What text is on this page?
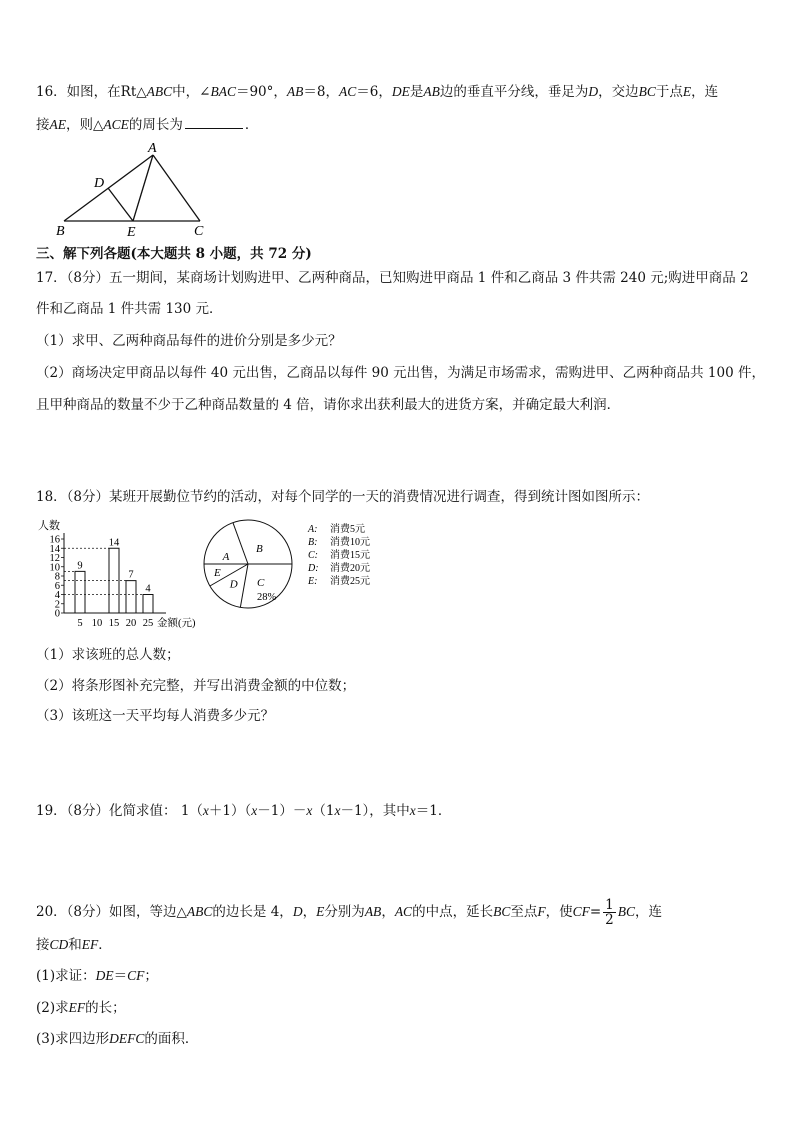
16．如图，在Rt△ABC中，∠BAC＝90°，AB＝8，AC＝6，DE是AB边的垂直平分线，垂足为D，交边BC于点E，连
接AE，则△ACE的周长为	．
A
B	C
D
E
三、解下列各题(本大题共 8 小题，共 72 分)
17．（8分）五一期间，某商场计划购进甲、乙两种商品，已知购进甲商品 1 件和乙商品 3 件共需 240 元;购进甲商品 2
件和乙商品 1 件共需 130 元．
（1）求甲、乙两种商品每件的进价分别是多少元？
（2）商场决定甲商品以每件 40 元出售，乙商品以每件 90 元出售，为满足市场需求，需购进甲、乙两种商品共 100 件，
且甲种商品的数量不少于乙种商品数量的 4 倍，请你求出获利最大的进货方案，并确定最大利润．
18．（8分）某班开展勤位节约的活动，对每个同学的一天的消费情况进行调查，得到统计图如图所示：
0
2
4
6
8
10
12
14
16
人数
金额(元)
5
9
10 15
14
20
7
25
4
A
B
C
28%
D
E
A: 消费5元
B: 消费10元
C: 消费15元
D: 消费20元
E: 消费25元
（1）求该班的总人数；
（2）将条形图补充完整，并写出消费金额的中位数；
（3）该班这一天平均每人消费多少元？
19．（8分）化简求值： 1（x＋1）（x－1）－x（1x－1），其中x＝1．
20．（8分）如图，等边△ABC的边长是 4，D，E分别为AB，AC的中点，延长BC至点F，使$CF= \frac{1}{2}$ BC，连
接CD和EF．
(1)求证：DE＝CF；
(2)求EF的长；
(3)求四边形DEFC的面积．
